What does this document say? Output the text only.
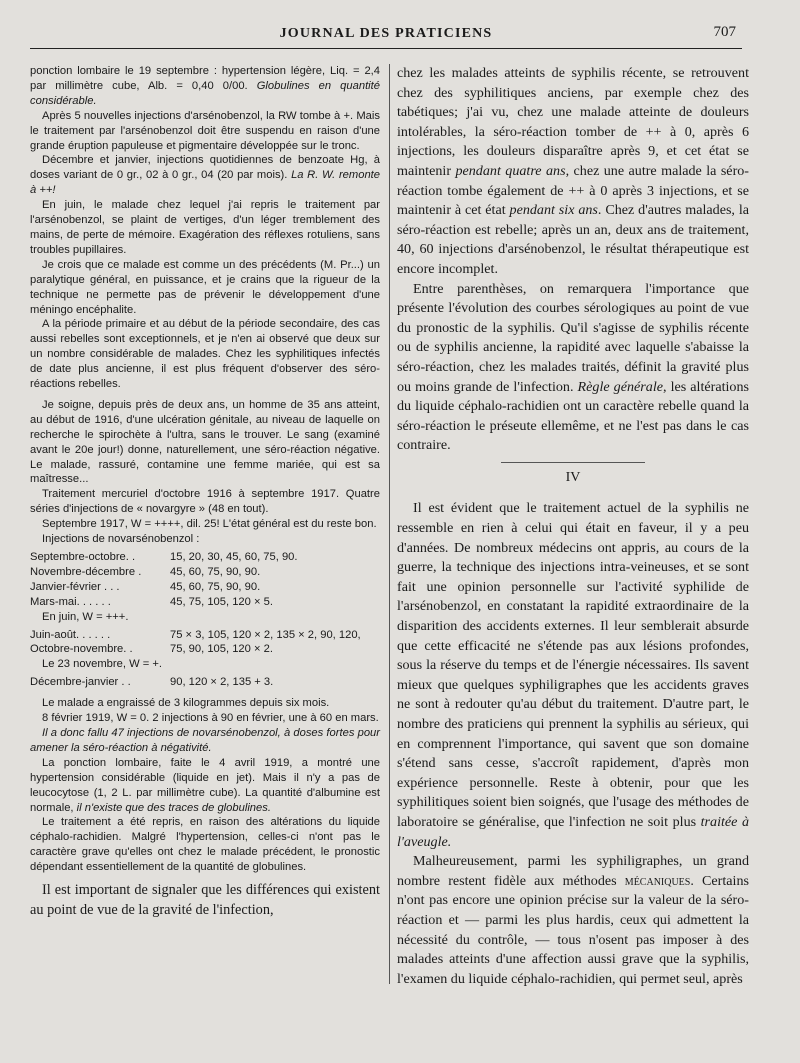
JOURNAL DES PRATICIENS	707

ponction lombaire le 19 septembre : hypertension légère, Liq. = 2,4 par millimètre cube, Alb. = 0,40 0/00. Globulines en quantité considérable.

Après 5 nouvelles injections d'arsénobenzol, la RW tombe à +. Mais le traitement par l'arsénobenzol doit être suspendu en raison d'une grande éruption papuleuse et pigmentaire développée sur le tronc.

Décembre et janvier, injections quotidiennes de benzoate Hg, à doses variant de 0 gr., 02 à 0 gr., 04 (20 par mois). La R. W. remonte à ++!

En juin, le malade chez lequel j'ai repris le traitement par l'arsénobenzol, se plaint de vertiges, d'un léger tremblement des mains, de perte de mémoire. Exagération des réflexes rotuliens, sans troubles pupillaires.

Je crois que ce malade est comme un des précédents (M. Pr...) un paralytique général, en puissance, et je crains que la rigueur de la technique ne permette pas de prévenir le développement d'une méningo encéphalite.

A la période primaire et au début de la période secondaire, des cas aussi rebelles sont exceptionnels, et je n'en ai observé que deux sur un nombre considérable de malades. Chez les syphilitiques infectés de date plus ancienne, il est plus fréquent d'observer des séro-réactions rebelles.

Je soigne, depuis près de deux ans, un homme de 35 ans atteint, au début de 1916, d'une ulcération génitale, au niveau de laquelle on recherche le spirochète à l'ultra, sans le trouver. Le sang (examiné avant le 20e jour!) donne, naturellement, une séro-réaction négative. Le malade, rassuré, contamine une femme mariée, qui est sa maîtresse...

Traitement mercuriel d'octobre 1916 à septembre 1917. Quatre séries d'injections de « novargyre » (48 en tout).

Septembre 1917, W = ++++, dil. 25! L'état général est du reste bon.

Injections de novarsénobenzol :

Septembre-octobre. .	15, 20, 30, 45, 60, 75, 90.
Novembre-décembre .	45, 60, 75, 90, 90.
Janvier-février . . .	45, 60, 75, 90, 90.
Mars-mai. . . . . .	45, 75, 105, 120 × 5.

En juin, W = +++.

Juin-août. . . . . .	75 × 3, 105, 120 × 2, 135 × 2, 90, 120,
Octobre-novembre. .	75, 90, 105, 120 × 2.

Le 23 novembre, W = +.

Décembre-janvier . .	90, 120 × 2, 135 + 3.

Le malade a engraissé de 3 kilogrammes depuis six mois.

8 février 1919, W = 0. 2 injections à 90 en février, une à 60 en mars.

Il a donc fallu 47 injections de novarsénobenzol, à doses fortes pour amener la séro-réaction à négativité.

La ponction lombaire, faite le 4 avril 1919, a montré une hypertension considérable (liquide en jet). Mais il n'y a pas de leucocytose (1, 2 L. par millimètre cube). La quantité d'albumine est normale, il n'existe que des traces de globulines.

Le traitement a été repris, en raison des altérations du liquide céphalo-rachidien. Malgré l'hypertension, celles-ci n'ont pas le caractère grave qu'elles ont chez le malade précédent, le pronostic dépendant essentiellement de la quantité de globulines.

Il est important de signaler que les différences qui existent au point de vue de la gravité de l'infection,

chez les malades atteints de syphilis récente, se retrouvent chez des syphilitiques anciens, par exemple chez des tabétiques; j'ai vu, chez une malade atteinte de douleurs intolérables, la séro-réaction tomber de ++ à 0, après 6 injections, les douleurs disparaître après 9, et cet état se maintenir pendant quatre ans, chez une autre malade la séro-réaction tombe également de ++ à 0 après 3 injections, et se maintenir à cet état pendant six ans. Chez d'autres malades, la séro-réaction est rebelle; après un an, deux ans de traitement, 40, 60 injections d'arsénobenzol, le résultat thérapeutique est encore incomplet.

Entre parenthèses, on remarquera l'importance que présente l'évolution des courbes sérologiques au point de vue du pronostic de la syphilis. Qu'il s'agisse de syphilis récente ou de syphilis ancienne, la rapidité avec laquelle s'abaisse la séro-réaction, chez les malades traités, définit la gravité plus ou moins grande de l'infection. Règle générale, les altérations du liquide céphalo-rachidien ont un caractère rebelle quand la séro-réaction le préseute ellemême, et ne l'est pas dans le cas contraire.

IV

Il est évident que le traitement actuel de la syphilis ne ressemble en rien à celui qui était en faveur, il y a peu d'années. De nombreux médecins ont appris, au cours de la guerre, la technique des injections intra-veineuses, et se sont fait une opinion personnelle sur l'activité syphilide de l'arsénobenzol, en constatant la rapidité extraordinaire de la disparition des accidents externes. Il leur semblerait absurde que cette efficacité ne s'étende pas aux lésions profondes, sous la réserve du temps et de l'énergie nécessaires. Ils savent mieux que quelques syphiligraphes que les accidents graves ne sont à redouter qu'au début du traitement. D'autre part, le nombre des praticiens qui prennent la syphilis au sérieux, qui en comprennent l'importance, qui savent que son domaine s'étend sans cesse, s'accroît rapidement, d'après mon expérience personnelle. Reste à obtenir, pour que les syphilitiques soient bien soignés, que l'usage des méthodes de laboratoire se généralise, que l'infection ne soit plus traitée à l'aveugle.

Malheureusement, parmi les syphiligraphes, un grand nombre restent fidèle aux méthodes mécaniques. Certains n'ont pas encore une opinion précise sur la valeur de la séro-réaction et — parmi les plus hardis, ceux qui admettent la nécessité du contrôle, — tous n'osent pas imposer à des malades atteints d'une affection aussi grave que la syphilis, l'examen du liquide céphalo-rachidien, qui permet seul, après
